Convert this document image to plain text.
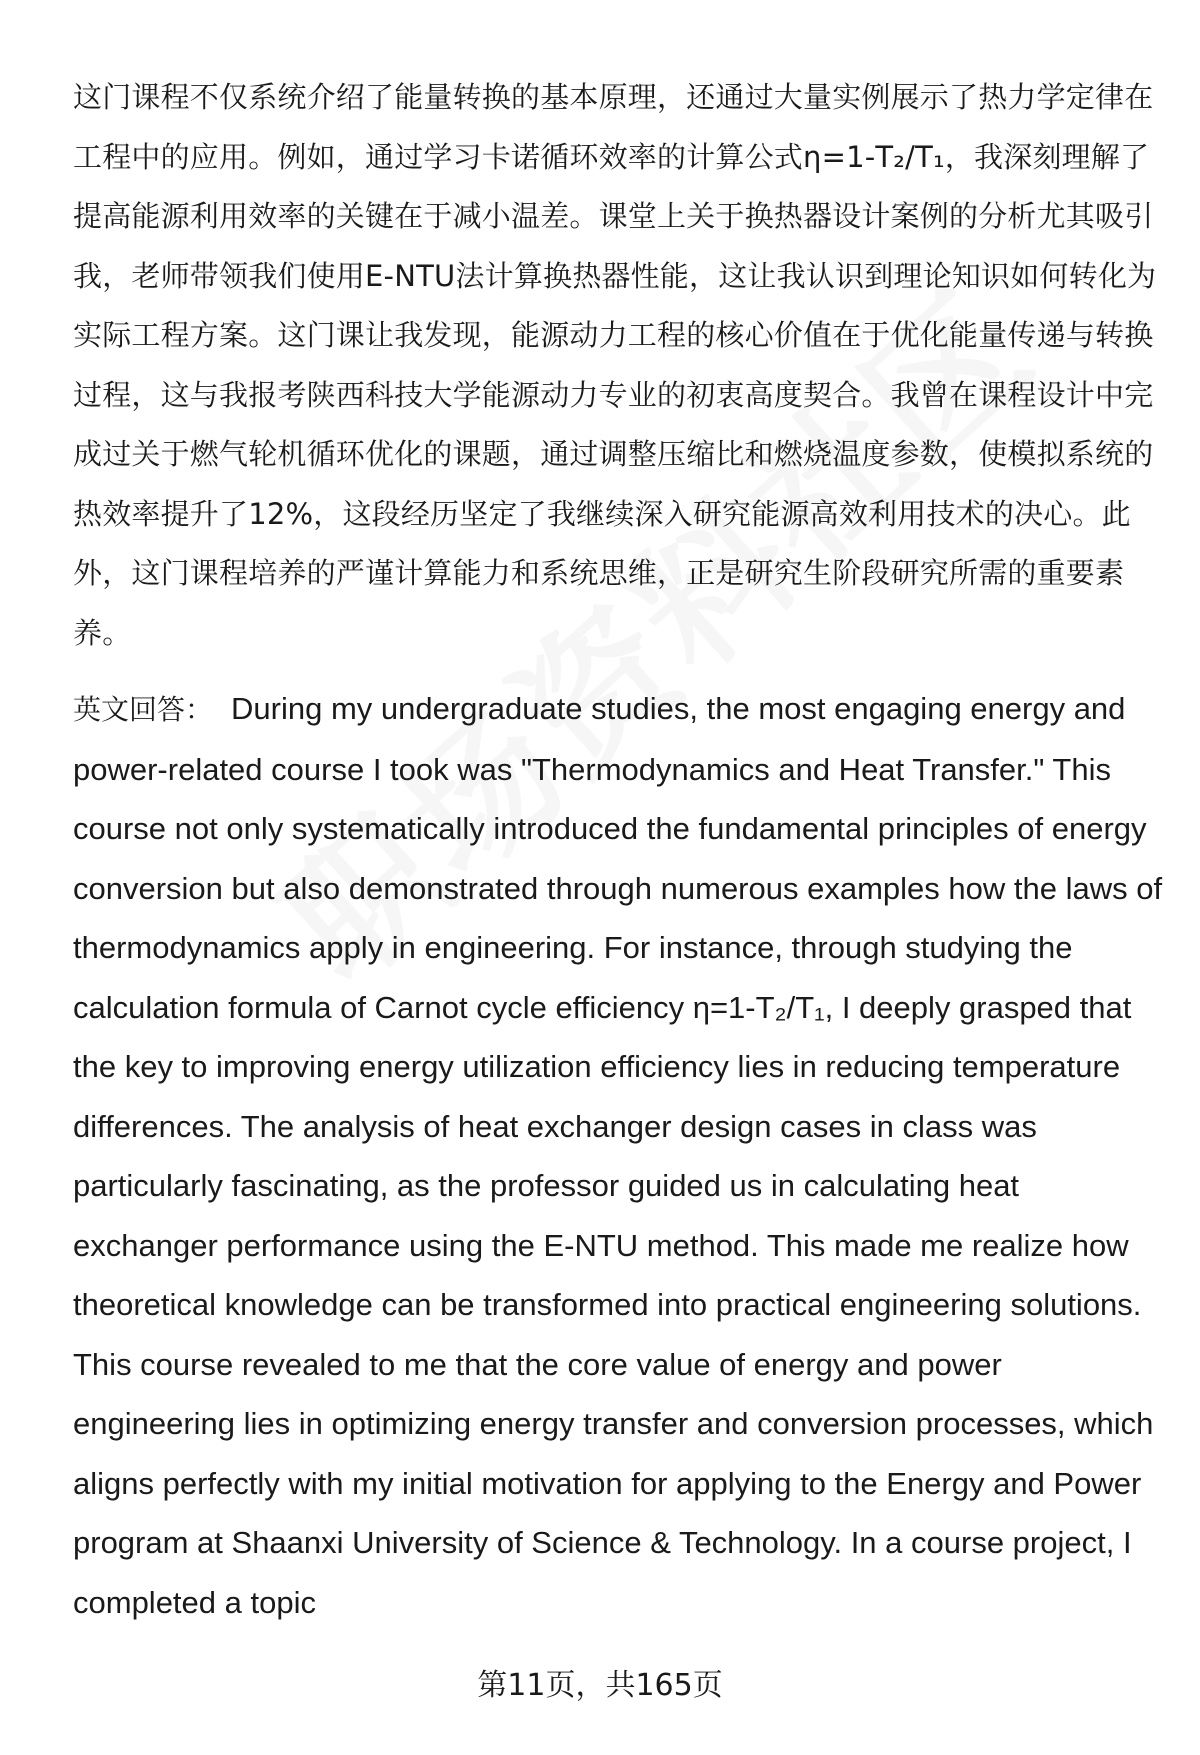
这门课程不仅系统介绍了能量转换的基本原理，还通过大量实例展示了热力学定律在工程中的应用。例如，通过学习卡诺循环效率的计算公式η=1-T₂/T₁，我深刻理解了提高能源利用效率的关键在于减小温差。课堂上关于换热器设计案例的分析尤其吸引我，老师带领我们使用E-NTU法计算换热器性能，这让我认识到理论知识如何转化为实际工程方案。这门课让我发现，能源动力工程的核心价值在于优化能量传递与转换过程，这与我报考陕西科技大学能源动力专业的初衷高度契合。我曾在课程设计中完成过关于燃气轮机循环优化的课题，通过调整压缩比和燃烧温度参数，使模拟系统的热效率提升了12%，这段经历坚定了我继续深入研究能源高效利用技术的决心。此外，这门课程培养的严谨计算能力和系统思维，正是研究生阶段研究所需的重要素养。

英文回答： During my undergraduate studies, the most engaging energy and power-related course I took was "Thermodynamics and Heat Transfer." This course not only systematically introduced the fundamental principles of energy conversion but also demonstrated through numerous examples how the laws of thermodynamics apply in engineering. For instance, through studying the calculation formula of Carnot cycle efficiency η=1-T₂/T₁, I deeply grasped that the key to improving energy utilization efficiency lies in reducing temperature differences. The analysis of heat exchanger design cases in class was particularly fascinating, as the professor guided us in calculating heat exchanger performance using the E-NTU method. This made me realize how theoretical knowledge can be transformed into practical engineering solutions. This course revealed to me that the core value of energy and power engineering lies in optimizing energy transfer and conversion processes, which aligns perfectly with my initial motivation for applying to the Energy and Power program at Shaanxi University of Science & Technology. In a course project, I completed a topic

第11页，共165页
